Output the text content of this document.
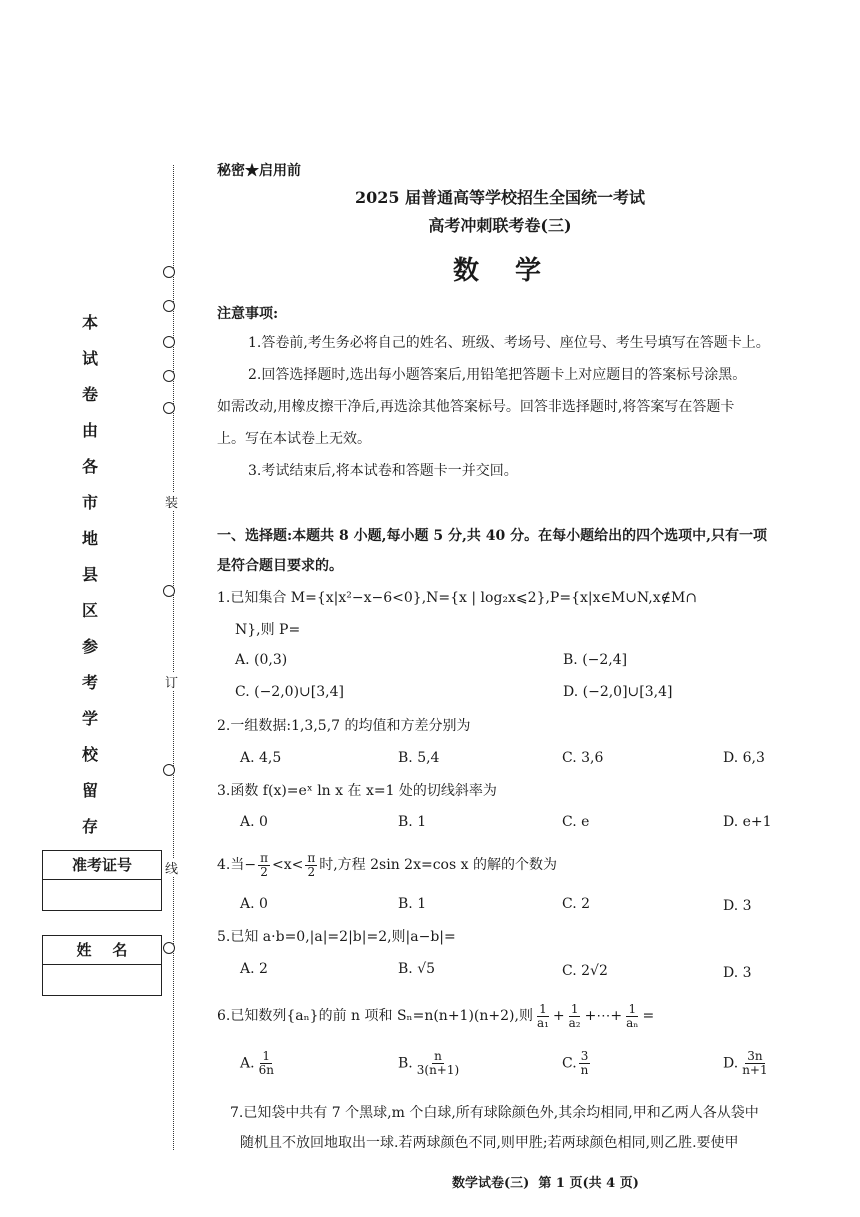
装
订
线
本
试
卷
由
各
市
地
县
区
参
考
学
校
留
存
准考证号
姓    名
秘密★启用前
2025 届普通高等学校招生全国统一考试
高考冲刺联考卷(三)
数  学
注意事项:
1.答卷前,考生务必将自己的姓名、班级、考场号、座位号、考生号填写在答题卡上。
2.回答选择题时,选出每小题答案后,用铅笔把答题卡上对应题目的答案标号涂黑。
如需改动,用橡皮擦干净后,再选涂其他答案标号。回答非选择题时,将答案写在答题卡
上。写在本试卷上无效。
3.考试结束后,将本试卷和答题卡一并交回。
一、选择题:本题共 8 小题,每小题 5 分,共 40 分。在每小题给出的四个选项中,只有一项
是符合题目要求的。
1.已知集合 M={x|x²−x−6<0},N={x | log₂x⩽2},P={x|x∈M∪N,x∉M∩
N},则 P=
A. (0,3)	B. (−2,4]
C. (−2,0)∪[3,4]	D. (−2,0]∪[3,4]
2.一组数据:1,3,5,7 的均值和方差分别为
A. 4,5	B. 5,4	C. 3,6	D. 6,3
3.函数 f(x)=eˣ ln x 在 x=1 处的切线斜率为
A. 0	B. 1	C. e	D. e+1
4.当− $\frac{\pi}{2} <x< \frac{\pi}{2}$ 时,方程 2sin 2x=cos x 的解的个数为
A. 0	B. 1	C. 2	D. 3
5.已知 a·b=0,|a|=2|b|=2,则|a−b|=
A. 2	B. √5	C. 2√2	D. 3
6.已知数列{aₙ}的前 n 项和 Sₙ=n(n+1)(n+2),则 $\frac{1}{\text{a₁}} + \frac{1}{\text{a₂}}$ +⋯+ $\frac{1}{\text{aₙ}}$ =
A. $\frac{1}{6n}$	B. $\frac{n}{3(n+1)}$	C. $\frac{3}{n}$	D. $\frac{3n}{n+1}$
7.已知袋中共有 7 个黑球,m 个白球,所有球除颜色外,其余均相同,甲和乙两人各从袋中
随机且不放回地取出一球.若两球颜色不同,则甲胜;若两球颜色相同,则乙胜.要使甲
数学试卷(三)  第 1 页(共 4 页)
